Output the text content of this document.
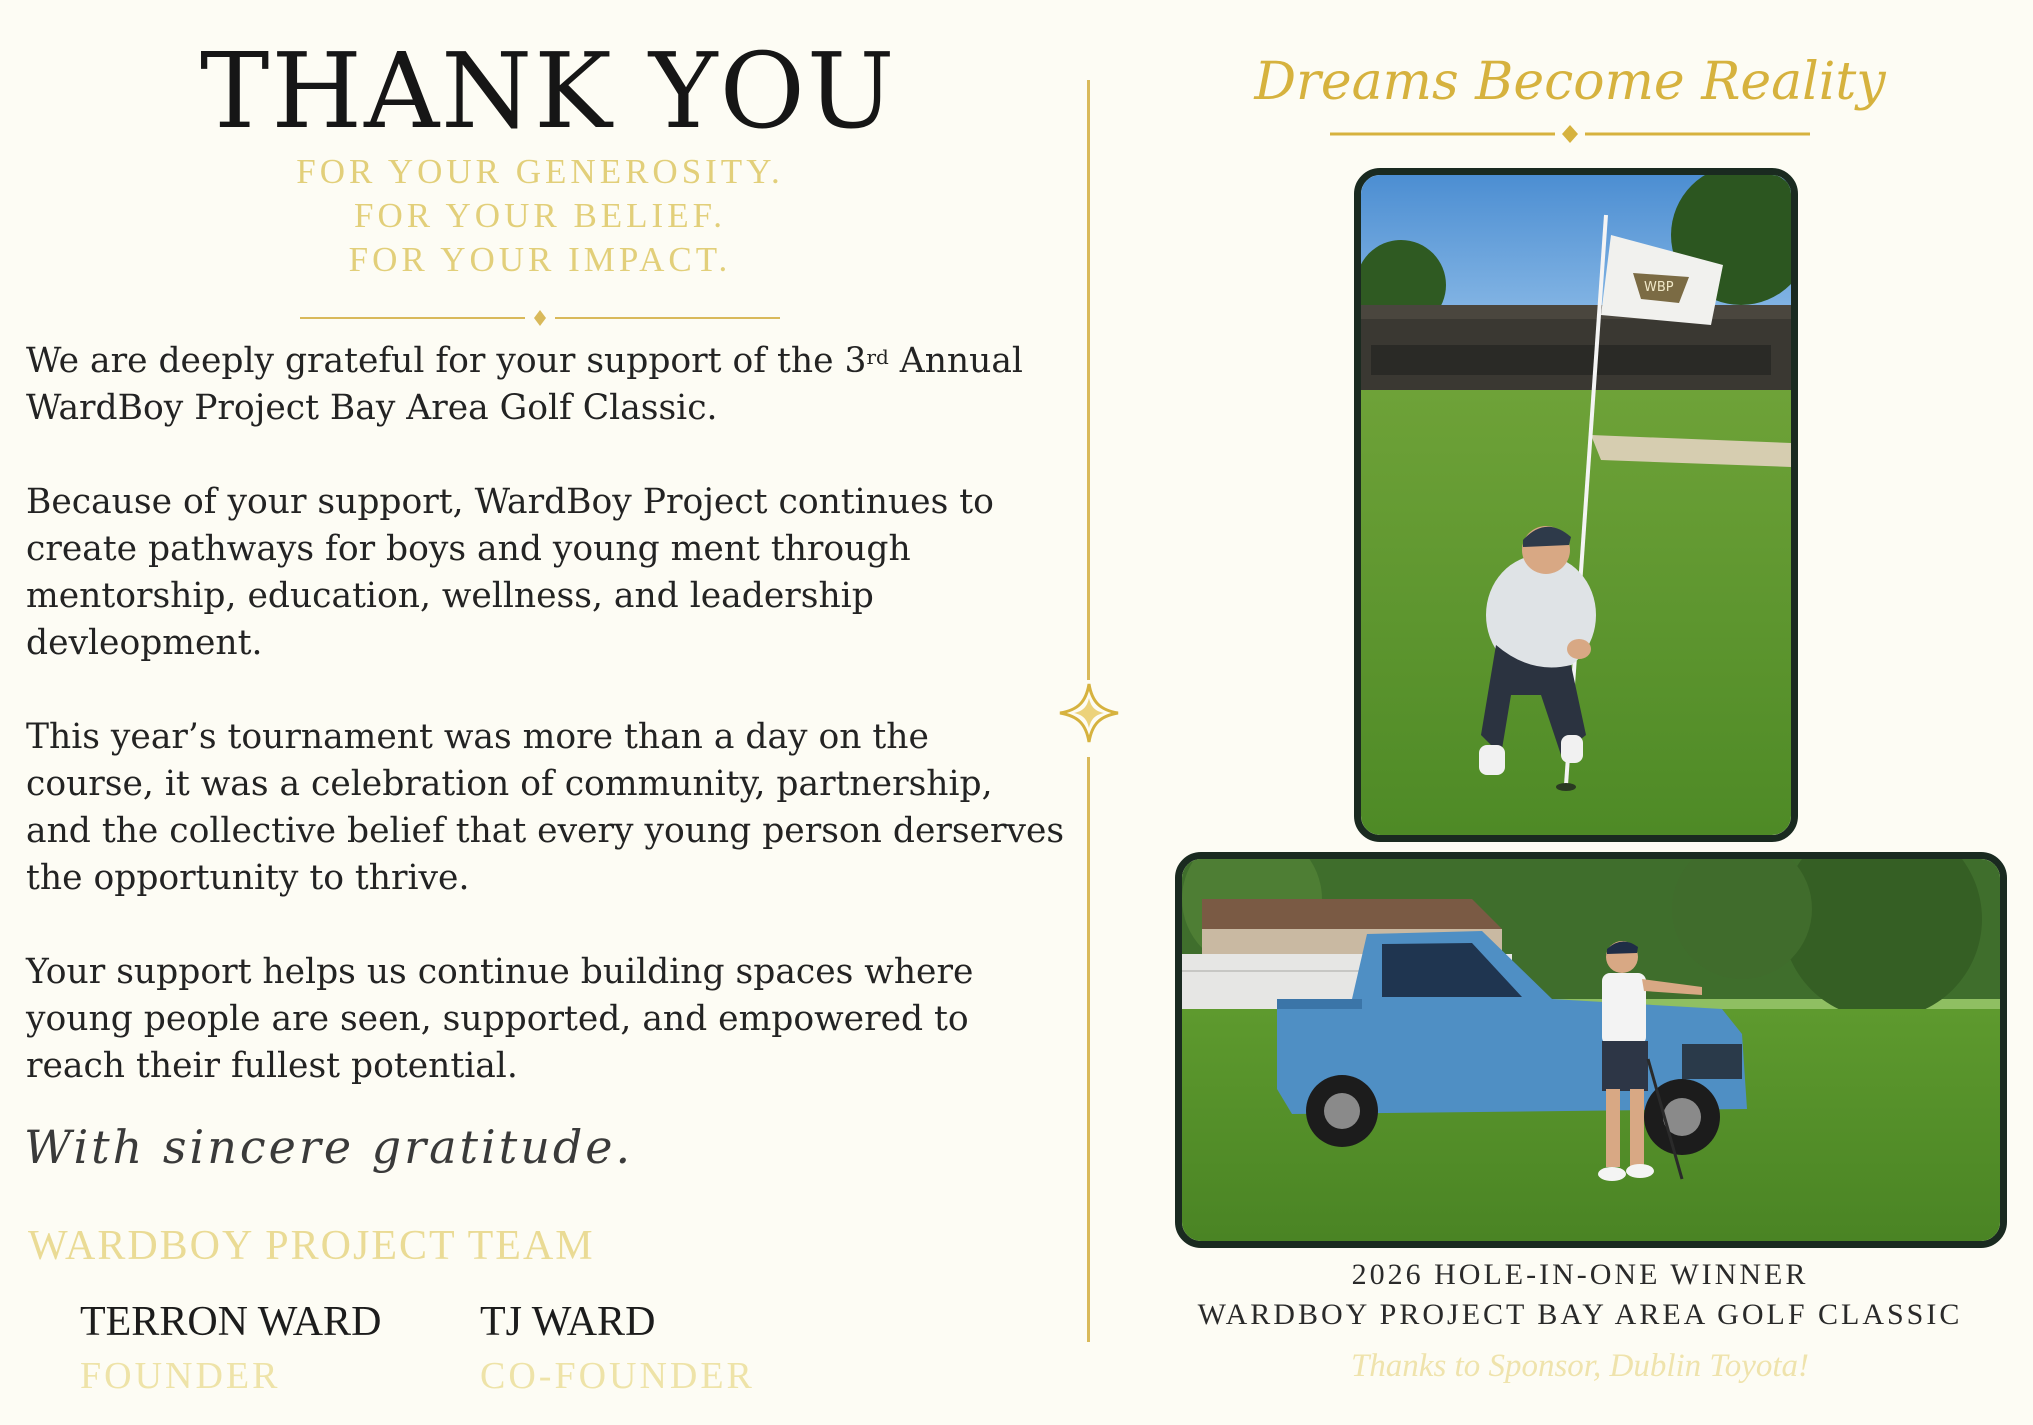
THANK YOU
FOR YOUR GENEROSITY.
FOR YOUR BELIEF.
FOR YOUR IMPACT.

We are deeply grateful for your support of the 3rd Annual WardBoy Project Bay Area Golf Classic.

Because of your support, WardBoy Project continues to create pathways for boys and young ment through mentorship, education, wellness, and leadership devleopment.

This year’s tournament was more than a day on the course, it was a celebration of community, partnership, and the collective belief that every young person derserves the opportunity to thrive.

Your support helps us continue building spaces where young people are seen, supported, and empowered to reach their fullest potential.

With sincere gratitude.
WARDBOY PROJECT TEAM
TERRON WARD
FOUNDER
TJ WARD
CO-FOUNDER
Dreams Become Reality
WBP
2026 HOLE-IN-ONE WINNER
WARDBOY PROJECT BAY AREA GOLF CLASSIC
Thanks to Sponsor, Dublin Toyota!
